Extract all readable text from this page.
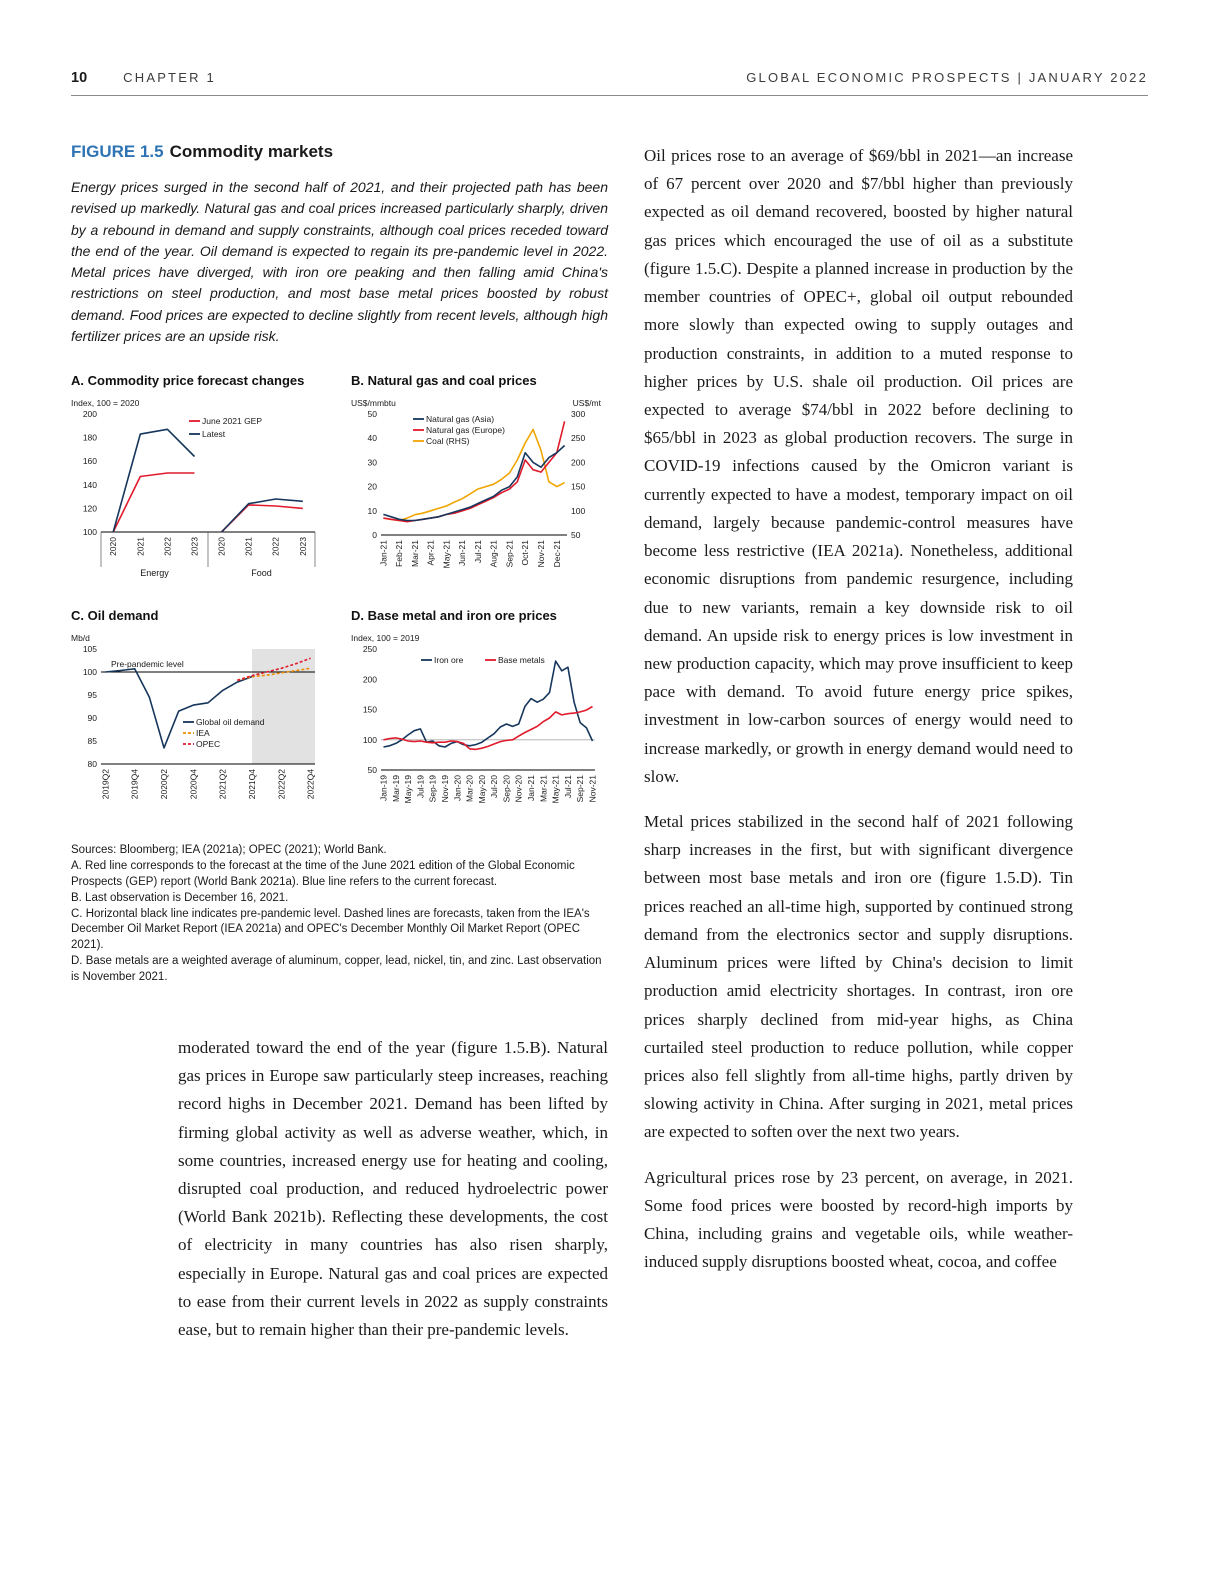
10	CHAPTER 1	GLOBAL ECONOMIC PROSPECTS | JANUARY 2022
FIGURE 1.5 Commodity markets

Energy prices surged in the second half of 2021, and their projected path has been revised up markedly. Natural gas and coal prices increased particularly sharply, driven by a rebound in demand and supply constraints, although coal prices receded toward the end of the year. Oil demand is expected to regain its pre-pandemic level in 2022. Metal prices have diverged, with iron ore peaking and then falling amid China's restrictions on steel production, and most base metal prices boosted by robust demand. Food prices are expected to decline slightly from recent levels, although high fertilizer prices are an upside risk.

A. Commodity price forecast changes
100
120
140
160
180
200
2020 2021 2022 2023 2020 2021 2022 2023
Energy	Food
June 2021 GEP
Latest
Index, 100 = 2020
B. Natural gas and coal prices
0
10
20
30
40
50
50
100
150
200
250
300
Jan-21 Feb-21 Mar-21 Apr-21 May-21 Jun-21 Jul-21 Aug-21 Sep-21 Oct-21 Nov-21 Dec-21
Natural gas (Asia)
Natural gas (Europe)
Coal (RHS)
US$/mmbtu	US$/mt
C. Oil demand
80
85
90
95
100
105
2019Q2 2019Q4 2020Q2 2020Q4 2021Q2 2021Q4 2022Q2 2022Q4
Global oil demand
IEA
OPEC
Pre-pandemic level
Mb/d
D. Base metal and iron ore prices
50
100
150
200
250
Jan-19 Mar-19 May-19 Jul-19 Sep-19 Nov-19 Jan-20 Mar-20 May-20 Jul-20 Sep-20 Nov-20 Jan-21 Mar-21 May-21 Jul-21 Sep-21 Nov-21
Iron ore	Base metals
Index, 100 = 2019
Sources: Bloomberg; IEA (2021a); OPEC (2021); World Bank.
A. Red line corresponds to the forecast at the time of the June 2021 edition of the Global Economic Prospects (GEP) report (World Bank 2021a). Blue line refers to the current forecast.
B. Last observation is December 16, 2021.
C. Horizontal black line indicates pre-pandemic level. Dashed lines are forecasts, taken from the IEA's December Oil Market Report (IEA 2021a) and OPEC's December Monthly Oil Market Report (OPEC 2021).
D. Base metals are a weighted average of aluminum, copper, lead, nickel, tin, and zinc. Last observation is November 2021.

moderated toward the end of the year (figure 1.5.B). Natural gas prices in Europe saw particularly steep increases, reaching record highs in December 2021. Demand has been lifted by firming global activity as well as adverse weather, which, in some countries, increased energy use for heating and cooling, disrupted coal production, and reduced hydroelectric power (World Bank 2021b). Reflecting these developments, the cost of electricity in many countries has also risen sharply, especially in Europe. Natural gas and coal prices are expected to ease from their current levels in 2022 as supply constraints ease, but to remain higher than their pre-pandemic levels.

Oil prices rose to an average of $69/bbl in 2021—an increase of 67 percent over 2020 and $7/bbl higher than previously expected as oil demand recovered, boosted by higher natural gas prices which encouraged the use of oil as a substitute (figure 1.5.C). Despite a planned increase in production by the member countries of OPEC+, global oil output rebounded more slowly than expected owing to supply outages and production constraints, in addition to a muted response to higher prices by U.S. shale oil production. Oil prices are expected to average $74/bbl in 2022 before declining to $65/bbl in 2023 as global production recovers. The surge in COVID-19 infections caused by the Omicron variant is currently expected to have a modest, temporary impact on oil demand, largely because pandemic-control measures have become less restrictive (IEA 2021a). Nonetheless, additional economic disruptions from pandemic resurgence, including due to new variants, remain a key downside risk to oil demand. An upside risk to energy prices is low investment in new production capacity, which may prove insufficient to keep pace with demand. To avoid future energy price spikes, investment in low-carbon sources of energy would need to increase markedly, or growth in energy demand would need to slow.

Metal prices stabilized in the second half of 2021 following sharp increases in the first, but with significant divergence between most base metals and iron ore (figure 1.5.D). Tin prices reached an all-time high, supported by continued strong demand from the electronics sector and supply disruptions. Aluminum prices were lifted by China's decision to limit production amid electricity shortages. In contrast, iron ore prices sharply declined from mid-year highs, as China curtailed steel production to reduce pollution, while copper prices also fell slightly from all-time highs, partly driven by slowing activity in China. After surging in 2021, metal prices are expected to soften over the next two years.

Agricultural prices rose by 23 percent, on average, in 2021. Some food prices were boosted by record-high imports by China, including grains and vegetable oils, while weather-induced supply disruptions boosted wheat, cocoa, and coffee
